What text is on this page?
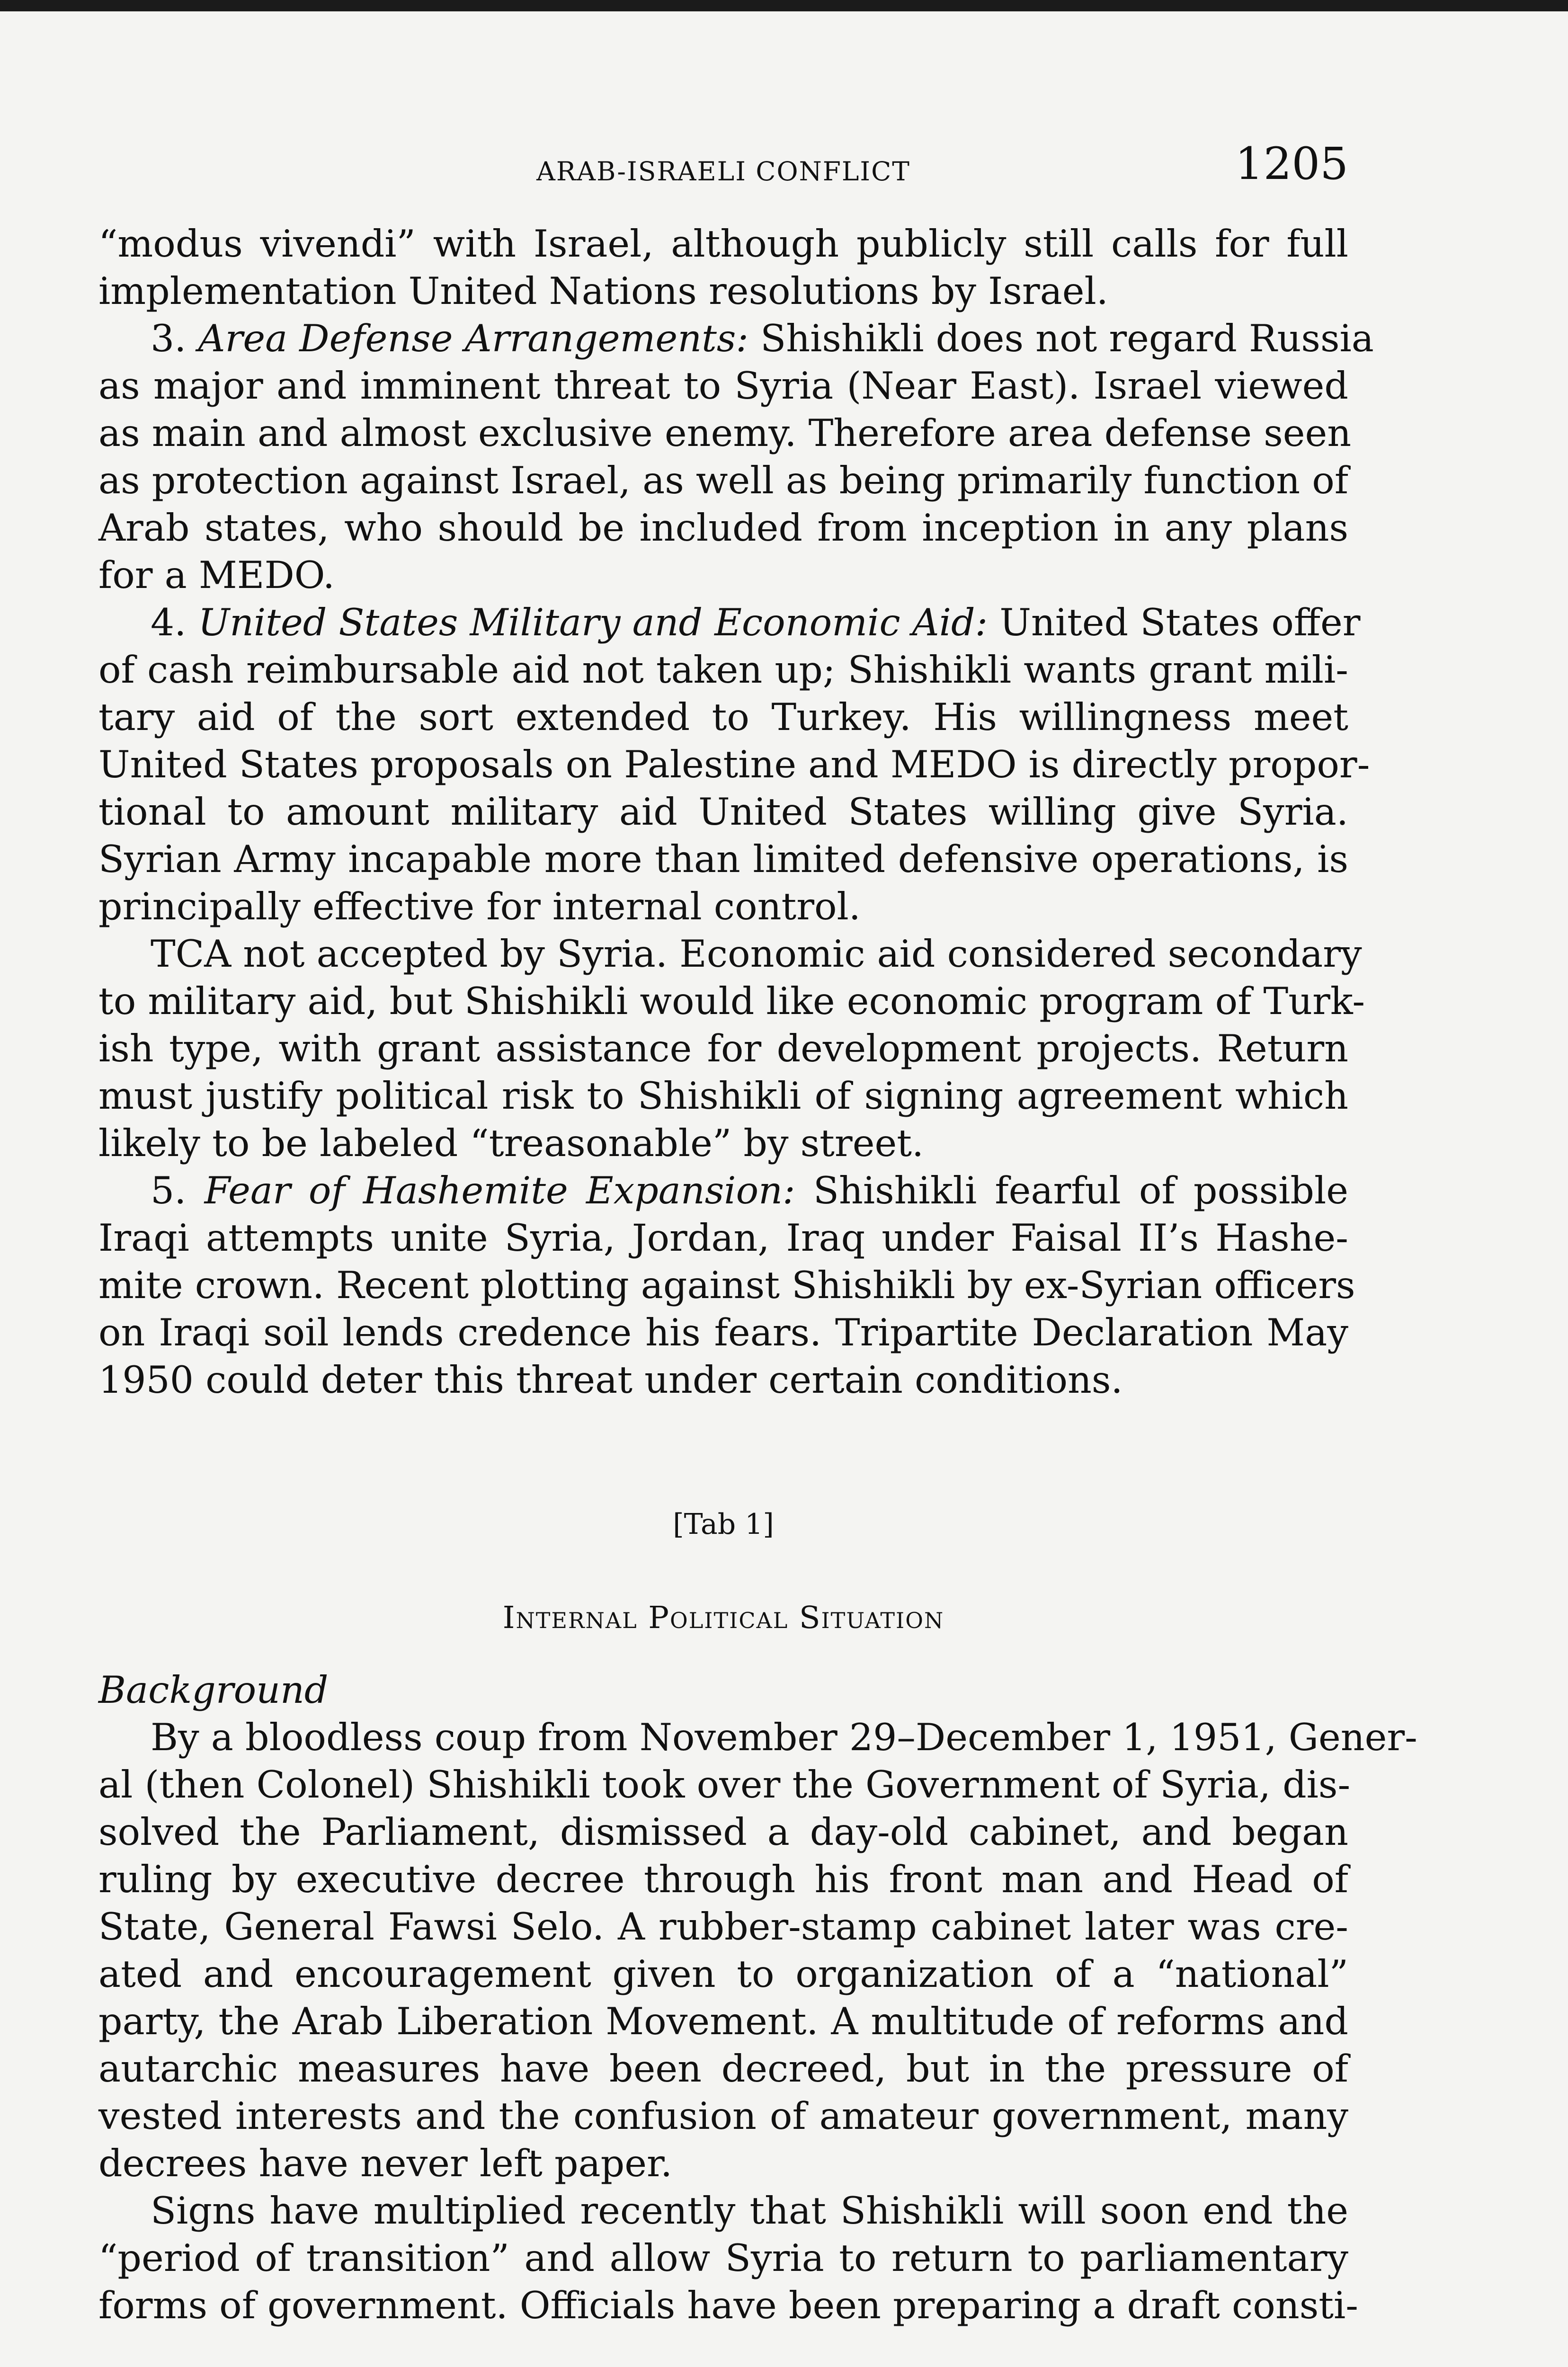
ARAB-ISRAELI CONFLICT	1205
“modus vivendi” with Israel, although publicly still calls for full
implementation United Nations resolutions by Israel.
3. Area Defense Arrangements: Shishikli does not regard Russia
as major and imminent threat to Syria (Near East). Israel viewed
as main and almost exclusive enemy. Therefore area defense seen
as protection against Israel, as well as being primarily function of
Arab states, who should be included from inception in any plans
for a MEDO.
4. United States Military and Economic Aid: United States offer
of cash reimbursable aid not taken up; Shishikli wants grant mili-
tary aid of the sort extended to Turkey. His willingness meet
United States proposals on Palestine and MEDO is directly propor-
tional to amount military aid United States willing give Syria.
Syrian Army incapable more than limited defensive operations, is
principally effective for internal control.
TCA not accepted by Syria. Economic aid considered secondary
to military aid, but Shishikli would like economic program of Turk-
ish type, with grant assistance for development projects. Return
must justify political risk to Shishikli of signing agreement which
likely to be labeled “treasonable” by street.
5. Fear of Hashemite Expansion: Shishikli fearful of possible
Iraqi attempts unite Syria, Jordan, Iraq under Faisal II’s Hashe-
mite crown. Recent plotting against Shishikli by ex-Syrian officers
on Iraqi soil lends credence his fears. Tripartite Declaration May
1950 could deter this threat under certain conditions.
[Tab 1]
Internal Political Situation
Background
By a bloodless coup from November 29–December 1, 1951, Gener-
al (then Colonel) Shishikli took over the Government of Syria, dis-
solved the Parliament, dismissed a day-old cabinet, and began
ruling by executive decree through his front man and Head of
State, General Fawsi Selo. A rubber-stamp cabinet later was cre-
ated and encouragement given to organization of a “national”
party, the Arab Liberation Movement. A multitude of reforms and
autarchic measures have been decreed, but in the pressure of
vested interests and the confusion of amateur government, many
decrees have never left paper.
Signs have multiplied recently that Shishikli will soon end the
“period of transition” and allow Syria to return to parliamentary
forms of government. Officials have been preparing a draft consti-
